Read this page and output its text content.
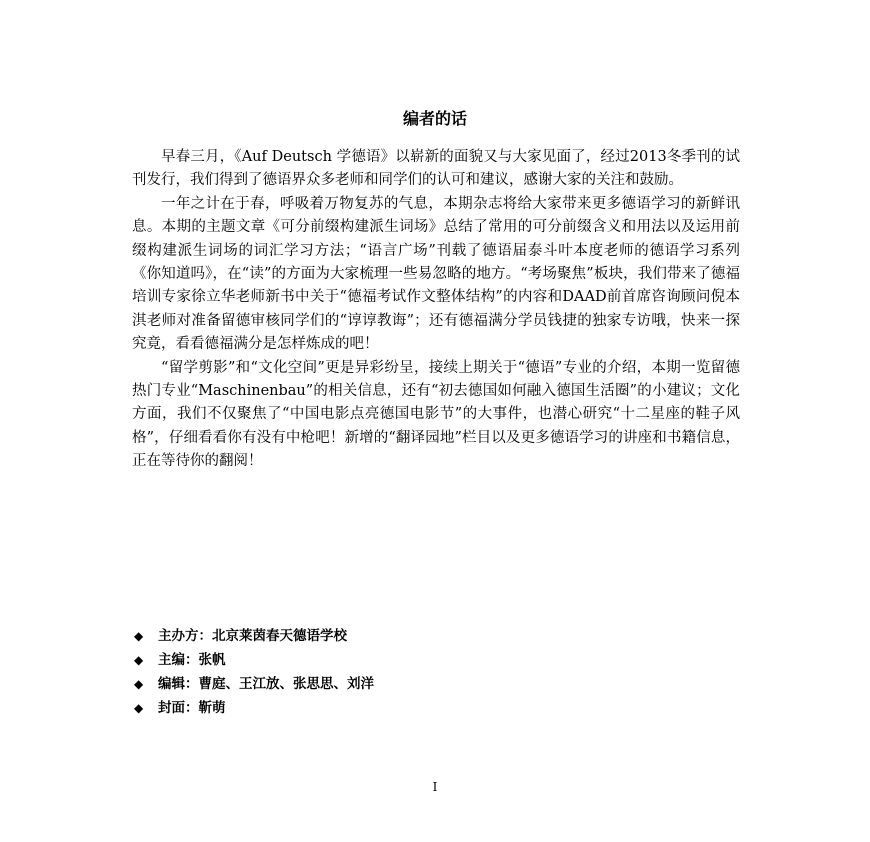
编者的话

早春三月，《Auf Deutsch 学德语》以崭新的面貌又与大家见面了，经过2013冬季刊的试刊发行，我们得到了德语界众多老师和同学们的认可和建议，感谢大家的关注和鼓励。

一年之计在于春，呼吸着万物复苏的气息，本期杂志将给大家带来更多德语学习的新鲜讯息。本期的主题文章《可分前缀构建派生词场》总结了常用的可分前缀含义和用法以及运用前缀构建派生词场的词汇学习方法；“语言广场”刊载了德语届泰斗叶本度老师的德语学习系列《你知道吗》，在“读”的方面为大家梳理一些易忽略的地方。“考场聚焦”板块，我们带来了德福培训专家徐立华老师新书中关于“德福考试作文整体结构”的内容和DAAD前首席咨询顾问倪本淇老师对准备留德审核同学们的“谆谆教诲”；还有德福满分学员钱捷的独家专访哦，快来一探究竟，看看德福满分是怎样炼成的吧！

“留学剪影”和“文化空间”更是异彩纷呈，接续上期关于“德语”专业的介绍，本期一览留德热门专业“Maschinenbau”的相关信息，还有“初去德国如何融入德国生活圈”的小建议；文化方面，我们不仅聚焦了“中国电影点亮德国电影节”的大事件，也潜心研究“十二星座的鞋子风格”，仔细看看你有没有中枪吧！新增的“翻译园地”栏目以及更多德语学习的讲座和书籍信息，正在等待你的翻阅！

◆	主办方：北京莱茵春天德语学校
◆	主编：张帆
◆	编辑：曹庭、王江放、张思思、刘洋
◆	封面：靳萌
I
